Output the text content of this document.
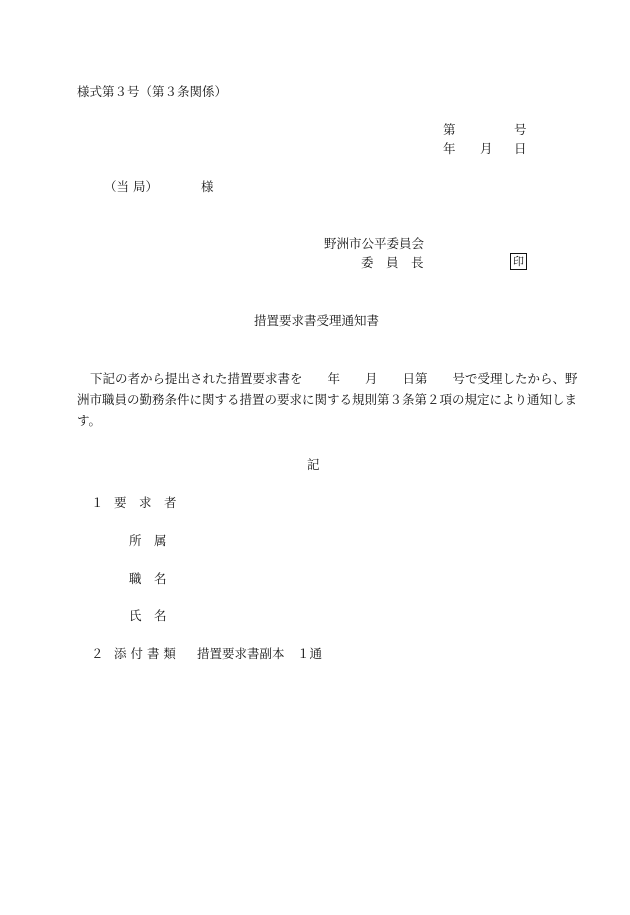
様式第３号（第３条関係）
第	号
年 月 日
（当 局）	様
野洲市公平委員会
委　員　長	印
措置要求書受理通知書
下記の者から提出された措置要求書を　　年　　月　　日第　　号で受理したから、野
洲市職員の勤務条件に関する措置の要求に関する規則第３条第２項の規定により通知しま
す。
記
１ 要　求　者
所　属
職　名
氏　名
２ 添 付 書 類 措置要求書副本　１通
